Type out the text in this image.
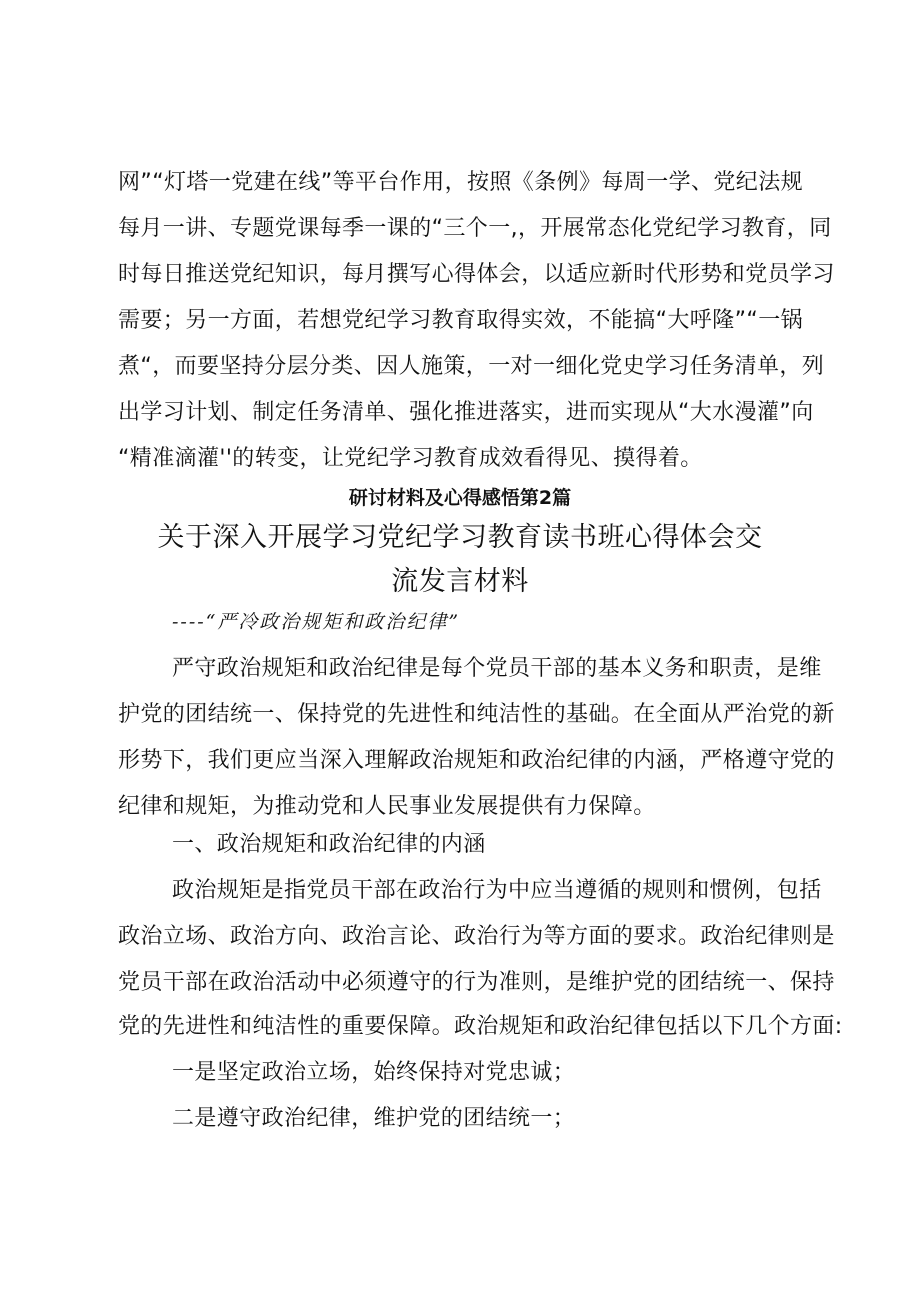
网”“灯塔一党建在线”等平台作用，按照《条例》每周一学、党纪法规
每月一讲、专题党课每季一课的“三个一,，开展常态化党纪学习教育，同
时每日推送党纪知识，每月撰写心得体会，以适应新时代形势和党员学习
需要；另一方面，若想党纪学习教育取得实效，不能搞“大呼隆”“一锅
煮“，而要坚持分层分类、因人施策，一对一细化党史学习任务清单，列
出学习计划、制定任务清单、强化推进落实，进而实现从“大水漫灌”向
“精准滴灌''的转变，让党纪学习教育成效看得见、摸得着。
研讨材料及心得感悟第2篇
关于深入开展学习党纪学习教育读书班心得体会交
流发言材料
----“严冷政治规矩和政治纪律”
严守政治规矩和政治纪律是每个党员干部的基本义务和职责，是维
护党的团结统一、保持党的先进性和纯洁性的基础。在全面从严治党的新
形势下，我们更应当深入理解政治规矩和政治纪律的内涵，严格遵守党的
纪律和规矩，为推动党和人民事业发展提供有力保障。
一、政治规矩和政治纪律的内涵
政治规矩是指党员干部在政治行为中应当遵循的规则和惯例，包括
政治立场、政治方向、政治言论、政治行为等方面的要求。政治纪律则是
党员干部在政治活动中必须遵守的行为准则，是维护党的团结统一、保持
党的先进性和纯洁性的重要保障。政治规矩和政治纪律包括以下几个方面:
一是坚定政治立场，始终保持对党忠诚；
二是遵守政治纪律，维护党的团结统一；
